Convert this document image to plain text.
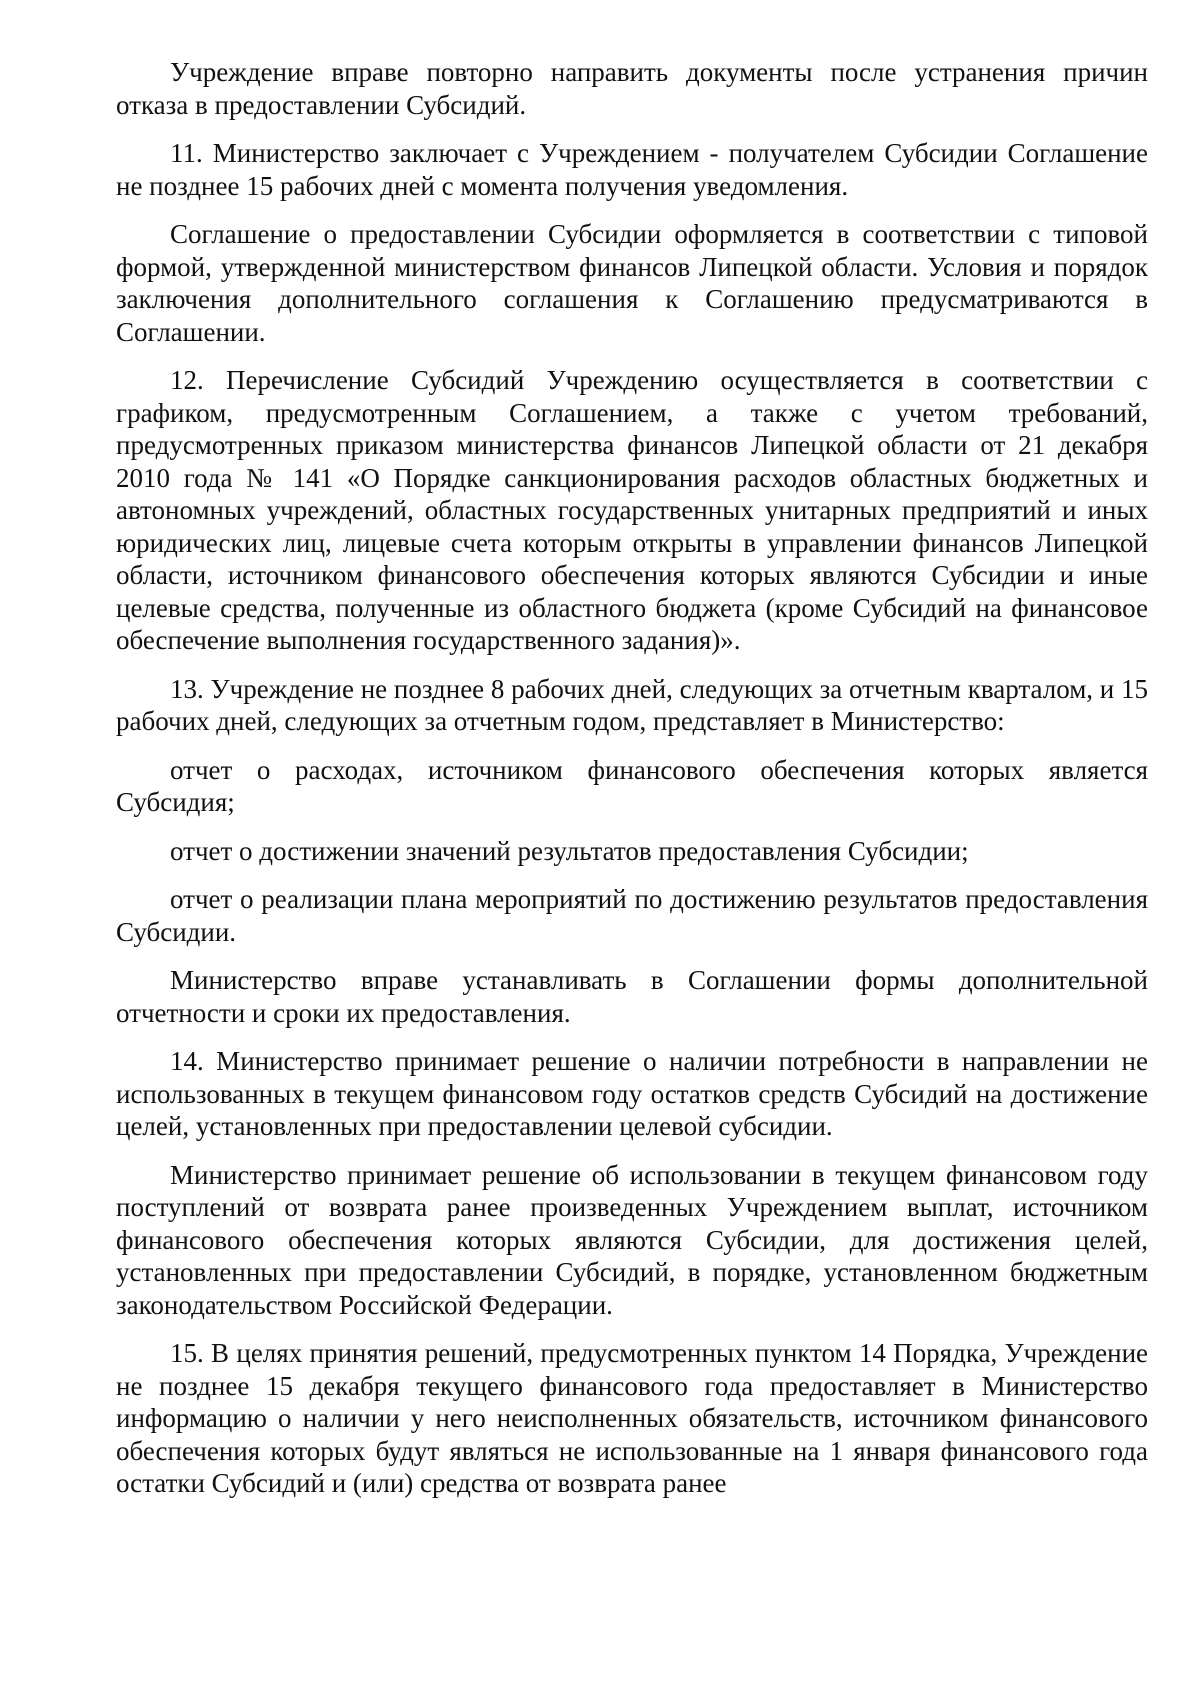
Учреждение вправе повторно направить документы после устранения причин отказа в предоставлении Субсидий.

11. Министерство заключает с Учреждением - получателем Субсидии Соглашение не позднее 15 рабочих дней с момента получения уведомления.

Соглашение о предоставлении Субсидии оформляется в соответствии с типовой формой, утвержденной министерством финансов Липецкой области. Условия и порядок заключения дополнительного соглашения к Соглашению предусматриваются в Соглашении.

12. Перечисление Субсидий Учреждению осуществляется в соответствии с графиком, предусмотренным Соглашением, а также с учетом требований, предусмотренных приказом министерства финансов Липецкой области от 21 декабря 2010 года № 141 «О Порядке санкционирования расходов областных бюджетных и автономных учреждений, областных государственных унитарных предприятий и иных юридических лиц, лицевые счета которым открыты в управлении финансов Липецкой области, источником финансового обеспечения которых являются Субсидии и иные целевые средства, полученные из областного бюджета (кроме Субсидий на финансовое обеспечение выполнения государственного задания)».

13. Учреждение не позднее 8 рабочих дней, следующих за отчетным кварталом, и 15 рабочих дней, следующих за отчетным годом, представляет в Министерство:

отчет о расходах, источником финансового обеспечения которых является Субсидия;

отчет о достижении значений результатов предоставления Субсидии;

отчет о реализации плана мероприятий по достижению результатов предоставления Субсидии.

Министерство вправе устанавливать в Соглашении формы дополнительной отчетности и сроки их предоставления.

14. Министерство принимает решение о наличии потребности в направлении не использованных в текущем финансовом году остатков средств Субсидий на достижение целей, установленных при предоставлении целевой субсидии.

Министерство принимает решение об использовании в текущем финансовом году поступлений от возврата ранее произведенных Учреждением выплат, источником финансового обеспечения которых являются Субсидии, для достижения целей, установленных при предоставлении Субсидий, в порядке, установленном бюджетным законодательством Российской Федерации.

15. В целях принятия решений, предусмотренных пунктом 14 Порядка, Учреждение не позднее 15 декабря текущего финансового года предоставляет в Министерство информацию о наличии у него неисполненных обязательств, источником финансового обеспечения которых будут являться не использованные на 1 января финансового года остатки Субсидий и (или) средства от возврата ранее
